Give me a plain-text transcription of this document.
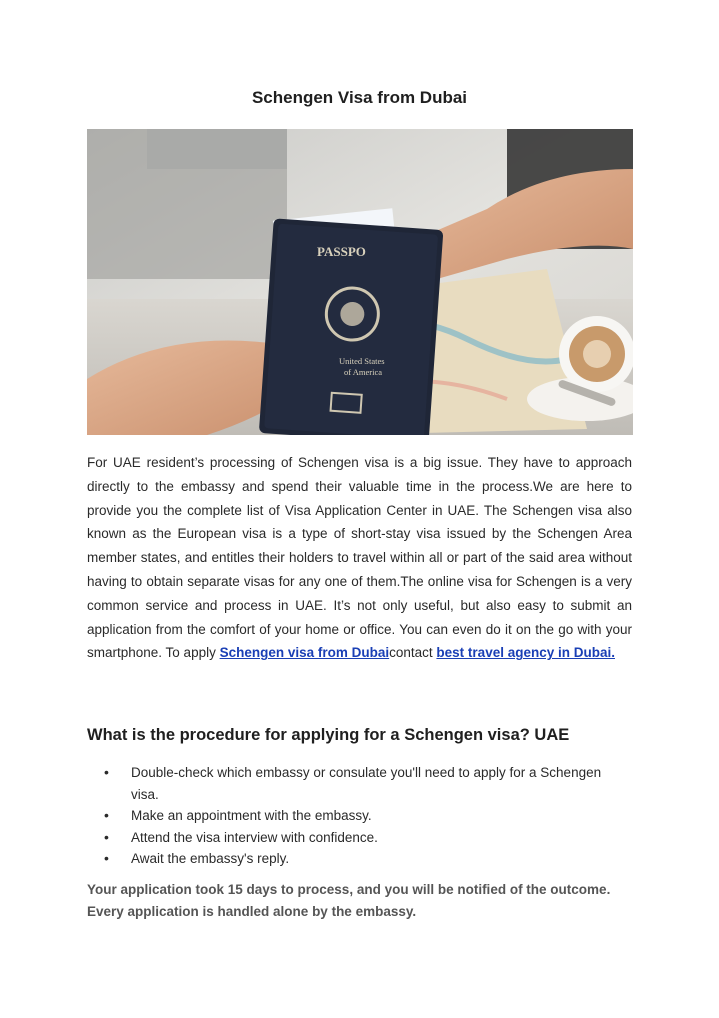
Schengen Visa from Dubai
PASSPO
United States
of America
For UAE resident’s processing of Schengen visa is a big issue. They have to approach directly to the embassy and spend their valuable time in the process.We are here to provide you the complete list of Visa Application Center in UAE. The Schengen visa also known as the European visa is a type of short-stay visa issued by the Schengen Area member states, and entitles their holders to travel within all or part of the said area without having to obtain separate visas for any one of them.The online visa for Schengen is a very common service and process in UAE. It’s not only useful, but also easy to submit an application from the comfort of your home or office. You can even do it on the go with your smartphone. To apply Schengen visa from Dubaicontact best travel agency in Dubai.
What is the procedure for applying for a Schengen visa? UAE
• Double-check which embassy or consulate you'll need to apply for a Schengen visa.
• Make an appointment with the embassy.
• Attend the visa interview with confidence.
• Await the embassy's reply.
Your application took 15 days to process, and you will be notified of the outcome. Every application is handled alone by the embassy.
